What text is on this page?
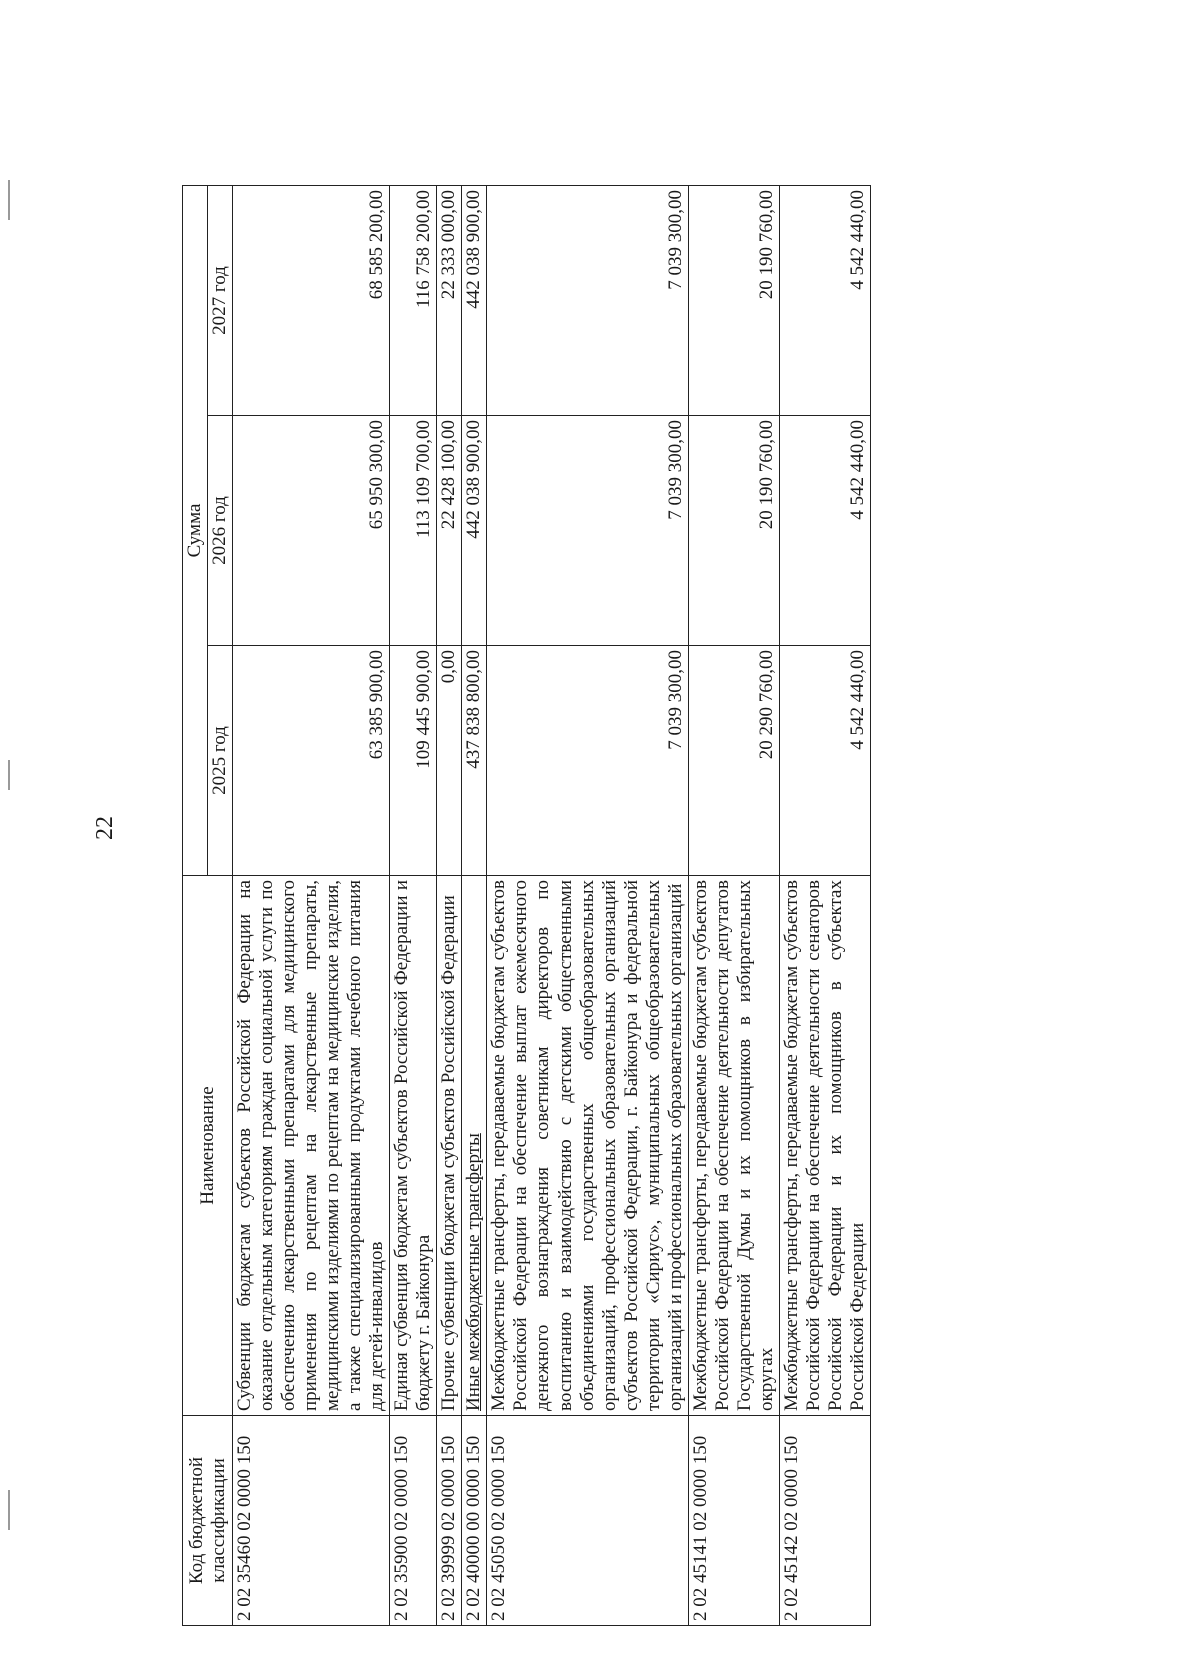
22
Код бюджетной классификации	Наименование	Сумма		
		2025 год	2026 год	2027 год
2 02 35460 02 0000 150	Субвенции бюджетам субъектов Российской Федерации на оказание отдельным категориям граждан социальной услуги по обеспечению лекарственными препаратами для медицинского применения по рецептам на лекарственные препараты, медицинскими изделиями по рецептам на медицинские изделия, а также специализированными продуктами лечебного питания для детей-инвалидов	63 385 900,00	65 950 300,00	68 585 200,00
2 02 35900 02 0000 150	Единая субвенция бюджетам субъектов Российской Федерации и бюджету г. Байконура	109 445 900,00	113 109 700,00	116 758 200,00
2 02 39999 02 0000 150	Прочие субвенции бюджетам субъектов Российской Федерации	0,00	22 428 100,00	22 333 000,00
2 02 40000 00 0000 150	Иные межбюджетные трансферты	437 838 800,00	442 038 900,00	442 038 900,00
2 02 45050 02 0000 150	Межбюджетные трансферты, передаваемые бюджетам субъектов Российской Федерации на обеспечение выплат ежемесячного денежного вознаграждения советникам директоров по воспитанию и взаимодействию с детскими общественными объединениями государственных общеобразовательных организаций, профессиональных образовательных организаций субъектов Российской Федерации, г. Байконура и федеральной территории «Сириус», муниципальных общеобразовательных организаций и профессиональных образовательных организаций	7 039 300,00	7 039 300,00	7 039 300,00
2 02 45141 02 0000 150	Межбюджетные трансферты, передаваемые бюджетам субъектов Российской Федерации на обеспечение деятельности депутатов Государственной Думы и их помощников в избирательных округах	20 290 760,00	20 190 760,00	20 190 760,00
2 02 45142 02 0000 150	Межбюджетные трансферты, передаваемые бюджетам субъектов Российской Федерации на обеспечение деятельности сенаторов Российской Федерации и их помощников в субъектах Российской Федерации	4 542 440,00	4 542 440,00	4 542 440,00
